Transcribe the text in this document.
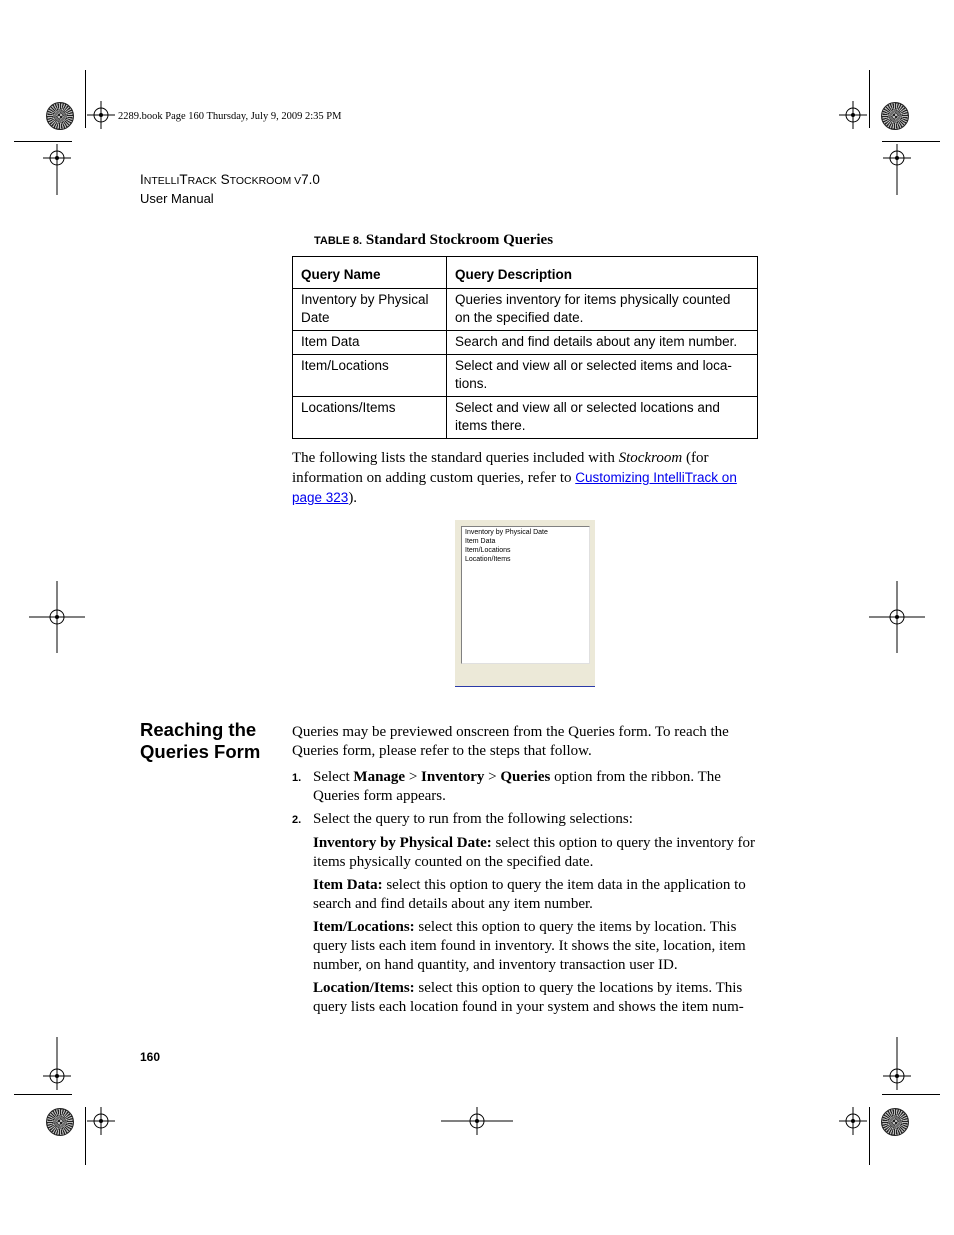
2289.book Page 160 Thursday, July 9, 2009 2:35 PM
INTELLITRACK STOCKROOM V7.0
User Manual
TABLE 8. Standard Stockroom Queries
Query Name	Query Description
Inventory by Physical Date	Queries inventory for items physically counted on the specified date.
Item Data	Search and find details about any item number.
Item/Locations	Select and view all or selected items and loca-tions.
Locations/Items	Select and view all or selected locations and items there.
The following lists the standard queries included with Stockroom (for information on adding custom queries, refer to Customizing IntelliTrack on page 323).
Inventory by Physical Date
Item Data
Item/Locations
Location/Items
Reaching the
Queries Form
Queries may be previewed onscreen from the Queries form. To reach the Queries form, please refer to the steps that follow.
1. Select Manage > Inventory > Queries option from the ribbon. The Queries form appears.
2. Select the query to run from the following selections:
Inventory by Physical Date: select this option to query the inventory for items physically counted on the specified date.
Item Data: select this option to query the item data in the application to search and find details about any item number.
Item/Locations: select this option to query the items by location. This query lists each item found in inventory. It shows the site, location, item number, on hand quantity, and inventory transaction user ID.
Location/Items: select this option to query the locations by items. This query lists each location found in your system and shows the item num-
160
